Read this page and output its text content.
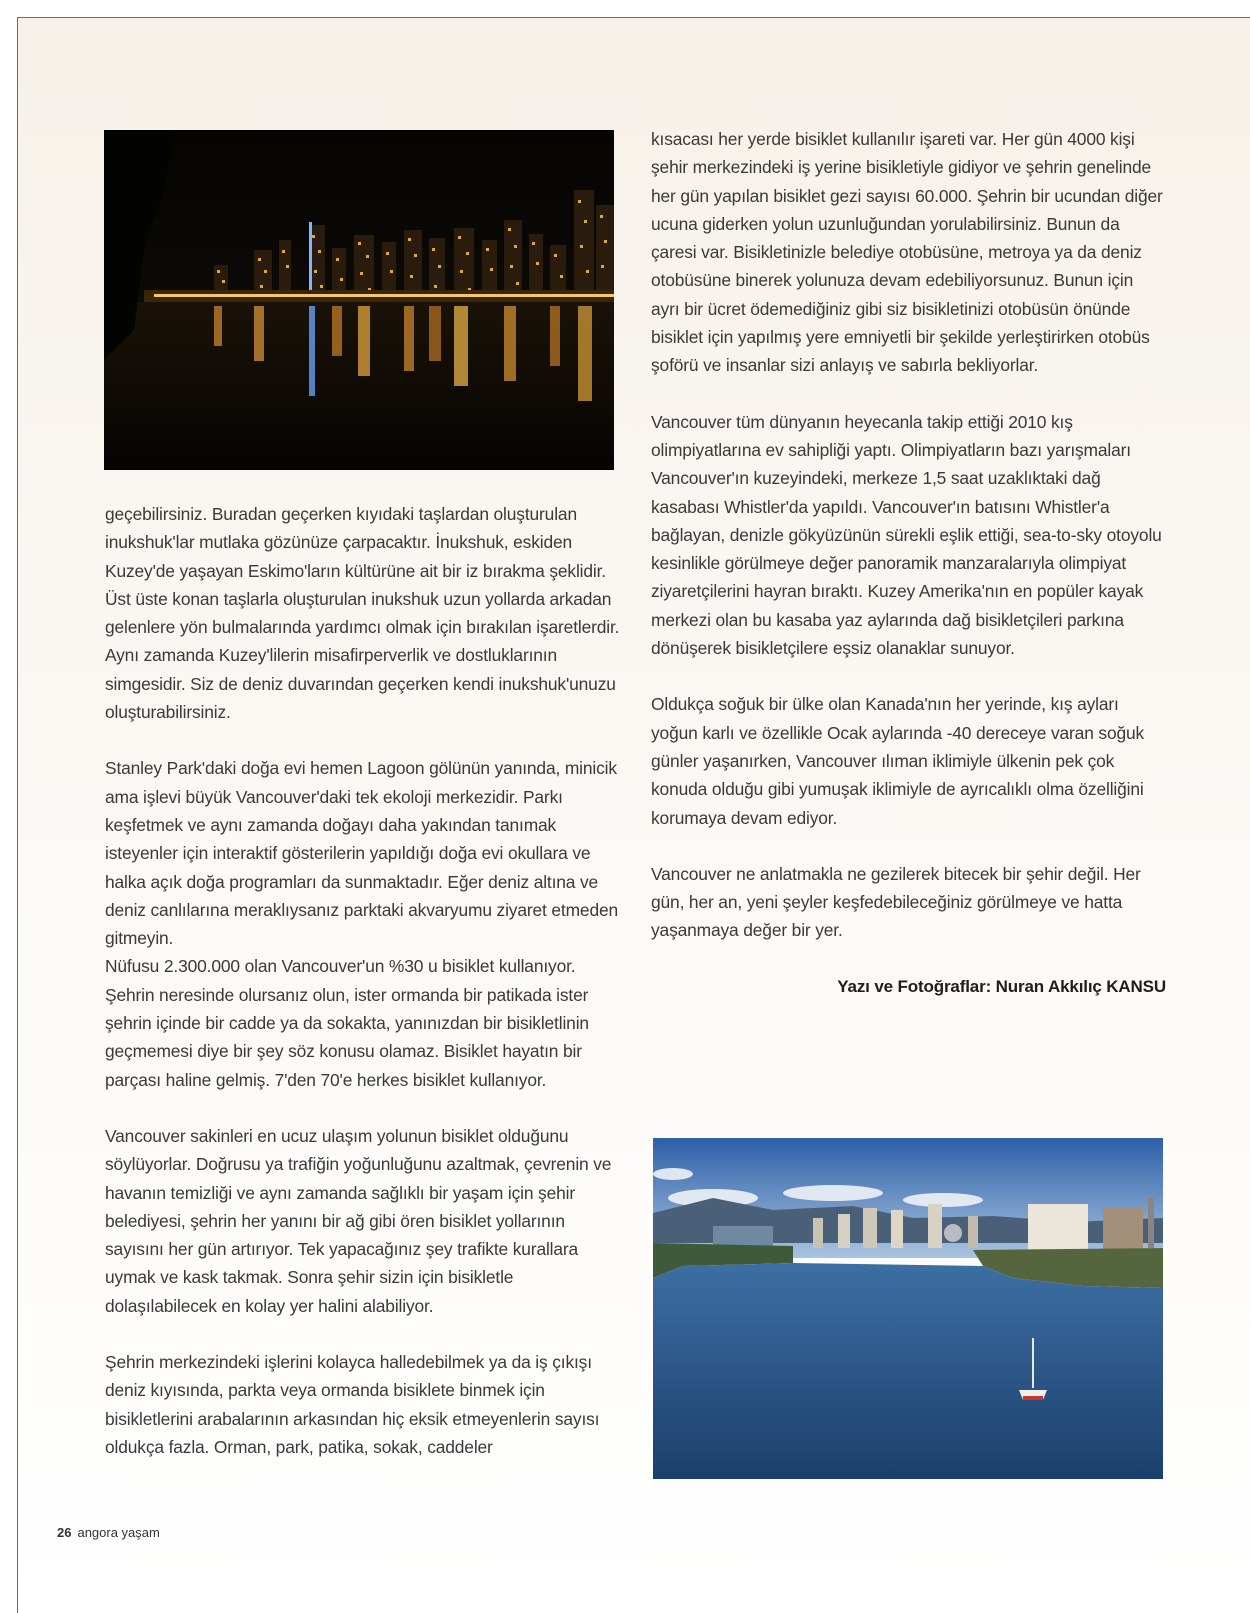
geçebilirsiniz. Buradan geçerken kıyıdaki taşlardan oluşturulan inukshuk'lar mutlaka gözünüze çarpacaktır. İnukshuk, eskiden Kuzey'de yaşayan Eskimo'ların kültürüne ait bir iz bırakma şeklidir. Üst üste konan taşlarla oluşturulan inukshuk uzun yollarda arkadan gelenlere yön bulmalarında yardımcı olmak için bırakılan işaretlerdir. Aynı zamanda Kuzey'lilerin misafirperverlik ve dostluklarının simgesidir. Siz de deniz duvarından geçerken kendi inukshuk'unuzu oluşturabilirsiniz.

Stanley Park'daki doğa evi hemen Lagoon gölünün yanında, minicik ama işlevi büyük Vancouver'daki tek ekoloji merkezidir. Parkı keşfetmek ve aynı zamanda doğayı daha yakından tanımak isteyenler için interaktif gösterilerin yapıldığı doğa evi okullara ve halka açık doğa programları da sunmaktadır. Eğer deniz altına ve deniz canlılarına meraklıysanız parktaki akvaryumu ziyaret etmeden gitmeyin.

Nüfusu 2.300.000 olan Vancouver'un %30 u bisiklet kullanıyor. Şehrin neresinde olursanız olun, ister ormanda bir patikada ister şehrin içinde bir cadde ya da sokakta, yanınızdan bir bisikletlinin geçmemesi diye bir şey söz konusu olamaz. Bisiklet hayatın bir parçası haline gelmiş. 7'den 70'e herkes bisiklet kullanıyor.

Vancouver sakinleri en ucuz ulaşım yolunun bisiklet olduğunu söylüyorlar. Doğrusu ya trafiğin yoğunluğunu azaltmak, çevrenin ve havanın temizliği ve aynı zamanda sağlıklı bir yaşam için şehir belediyesi, şehrin her yanını bir ağ gibi ören bisiklet yollarının sayısını her gün artırıyor. Tek yapacağınız şey trafikte kurallara uymak ve kask takmak. Sonra şehir sizin için bisikletle dolaşılabilecek en kolay yer halini alabiliyor.

Şehrin merkezindeki işlerini kolayca halledebilmek ya da iş çıkışı deniz kıyısında, parkta veya ormanda bisiklete binmek için bisikletlerini arabalarının arkasından hiç eksik etmeyenlerin sayısı oldukça fazla. Orman, park, patika, sokak, caddeler

kısacası her yerde bisiklet kullanılır işareti var. Her gün 4000 kişi şehir merkezindeki iş yerine bisikletiyle gidiyor ve şehrin genelinde her gün yapılan bisiklet gezi sayısı 60.000. Şehrin bir ucundan diğer ucuna giderken yolun uzunluğundan yorulabilirsiniz. Bunun da çaresi var. Bisikletinizle belediye otobüsüne, metroya ya da deniz otobüsüne binerek yolunuza devam edebiliyorsunuz. Bunun için ayrı bir ücret ödemediğiniz gibi siz bisikletinizi otobüsün önünde bisiklet için yapılmış yere emniyetli bir şekilde yerleştirirken otobüs şoförü ve insanlar sizi anlayış ve sabırla bekliyorlar.

Vancouver tüm dünyanın heyecanla takip ettiği 2010 kış olimpiyatlarına ev sahipliği yaptı. Olimpiyatların bazı yarışmaları Vancouver'ın kuzeyindeki, merkeze 1,5 saat uzaklıktaki dağ kasabası Whistler'da yapıldı. Vancouver'ın batısını Whistler'a bağlayan, denizle gökyüzünün sürekli eşlik ettiği, sea-to-sky otoyolu kesinlikle görülmeye değer panoramik manzaralarıyla olimpiyat ziyaretçilerini hayran bıraktı. Kuzey Amerika'nın en popüler kayak merkezi olan bu kasaba yaz aylarında dağ bisikletçileri parkına dönüşerek bisikletçilere eşsiz olanaklar sunuyor.

Oldukça soğuk bir ülke olan Kanada'nın her yerinde, kış ayları yoğun karlı ve özellikle Ocak aylarında -40 dereceye varan soğuk günler yaşanırken, Vancouver ılıman iklimiyle ülkenin pek çok konuda olduğu gibi yumuşak iklimiyle de ayrıcalıklı olma özelliğini korumaya devam ediyor.

Vancouver ne anlatmakla ne gezilerek bitecek bir şehir değil. Her gün, her an, yeni şeyler keşfedebileceğiniz görülmeye ve hatta yaşanmaya değer bir yer.

Yazı ve Fotoğraflar: Nuran Akkılıç KANSU

26 angora yaşam
